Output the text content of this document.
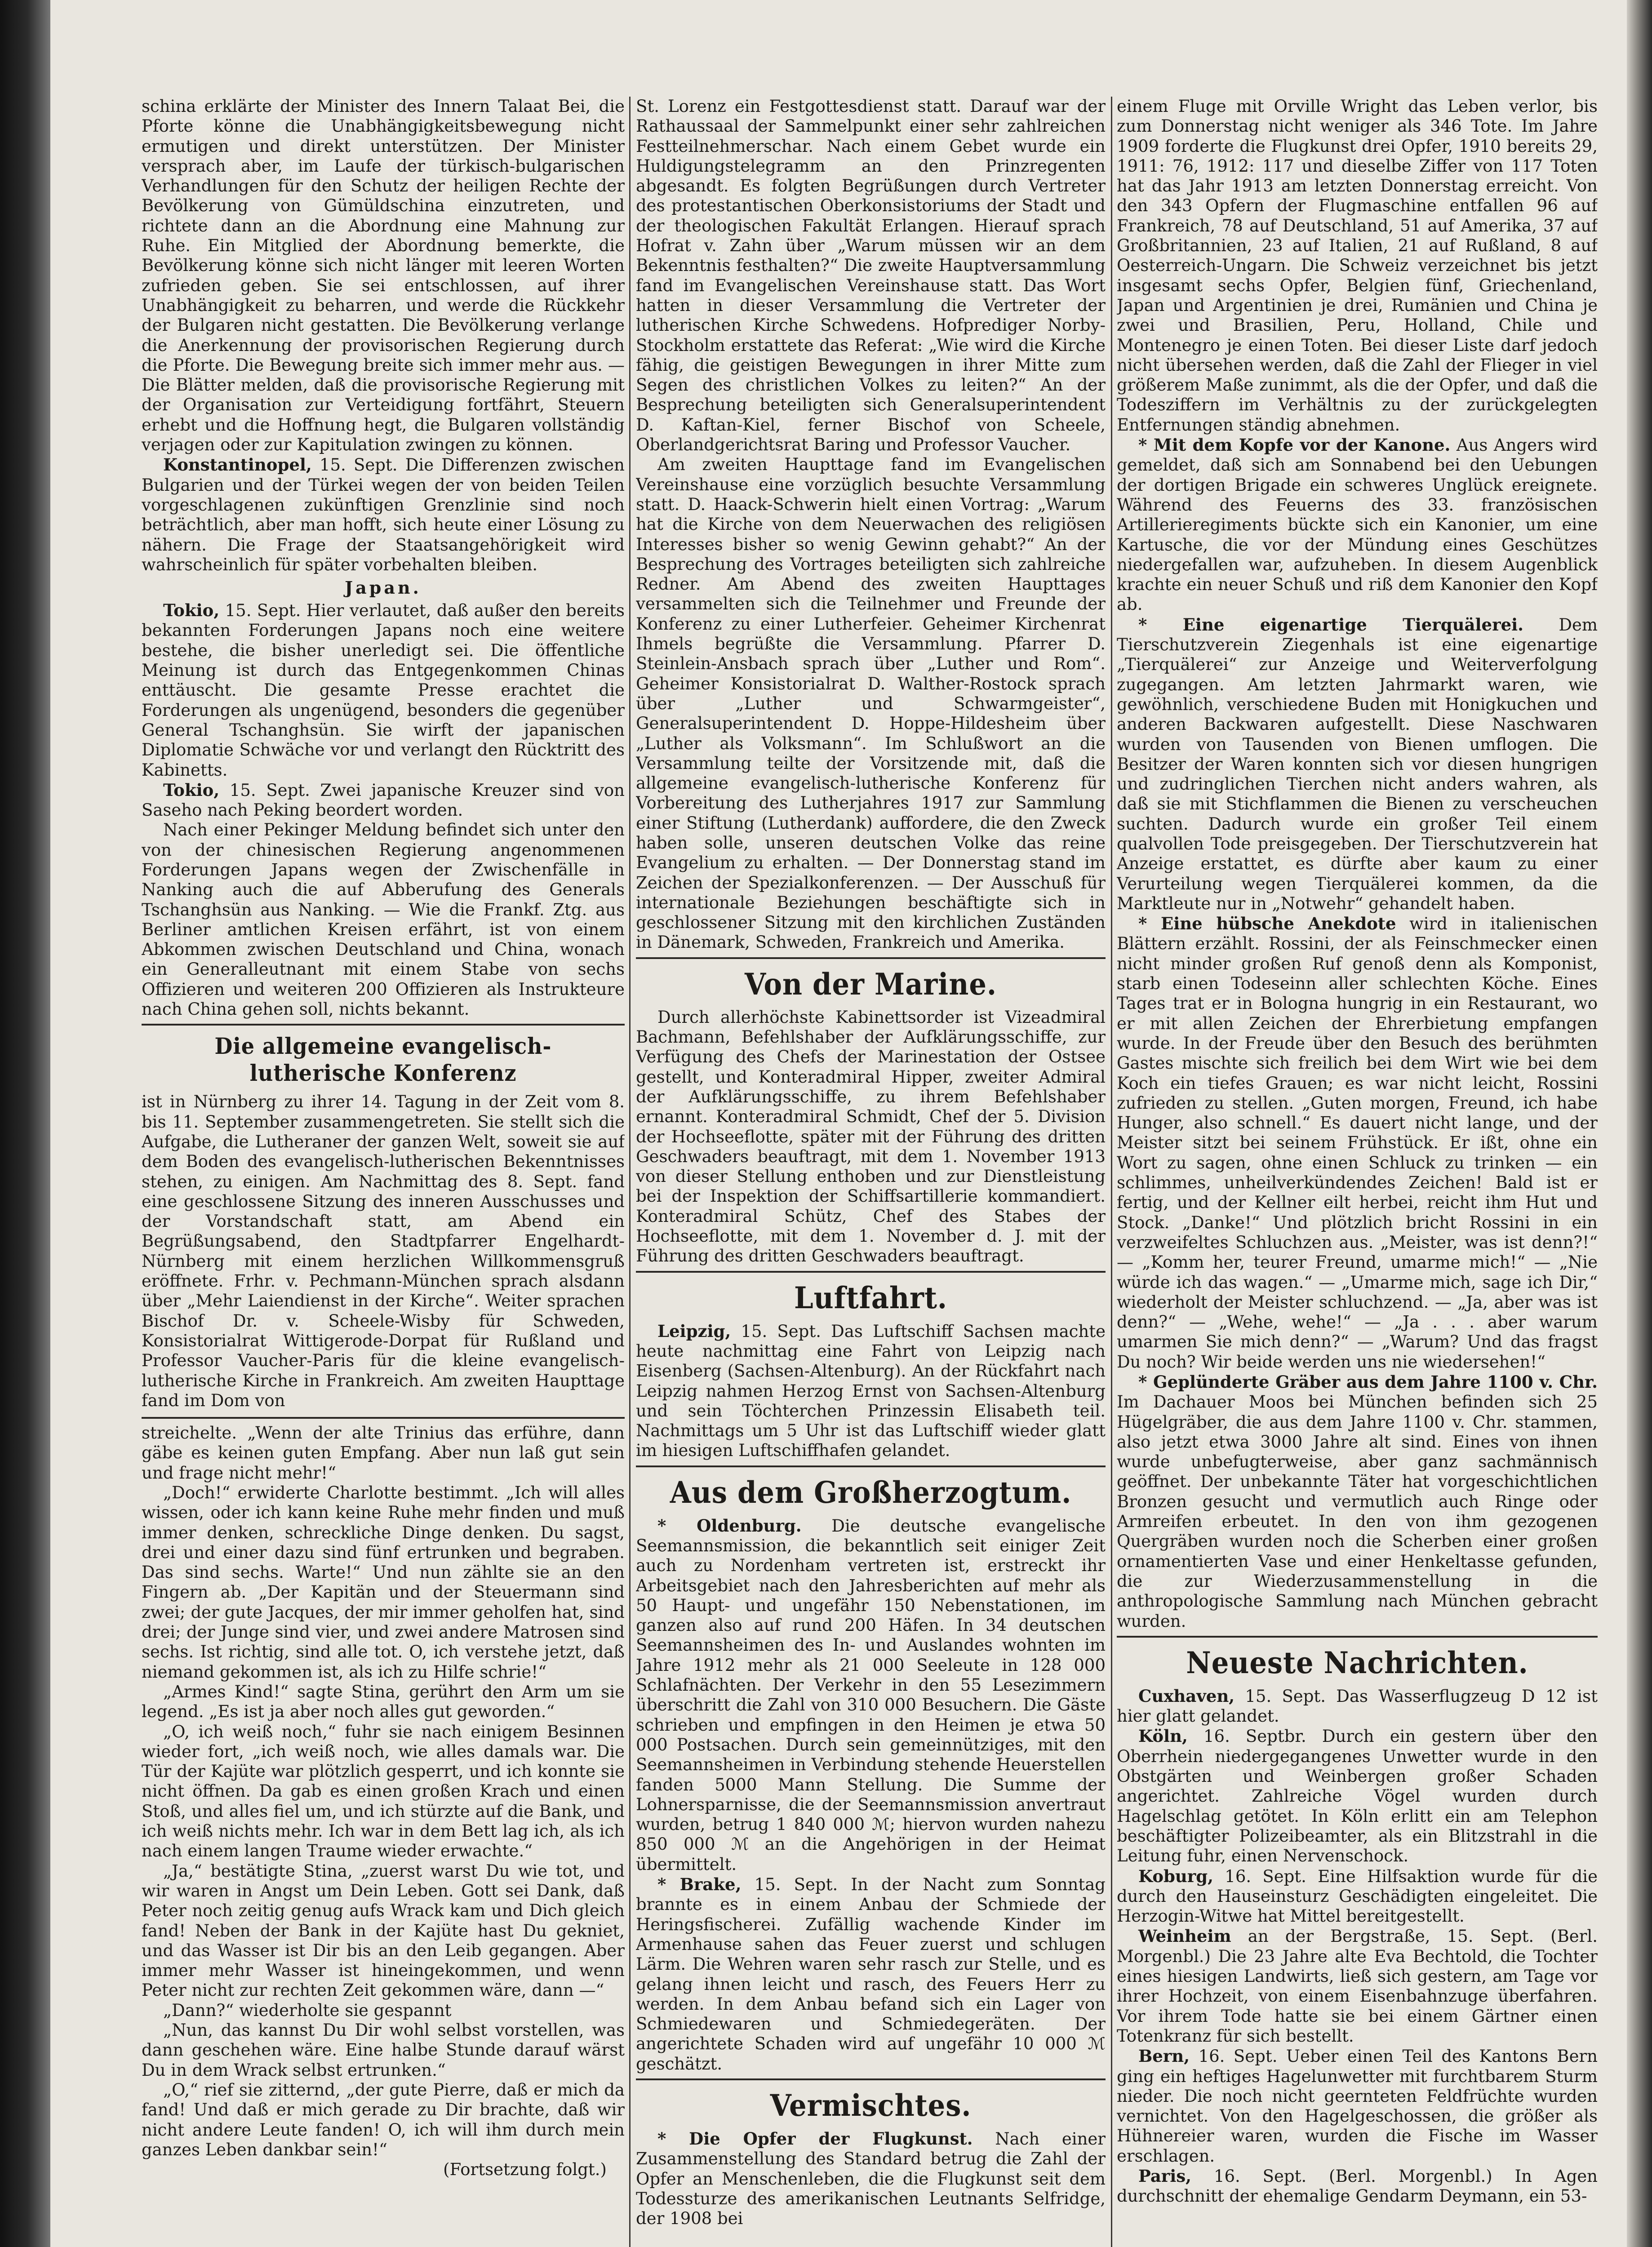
schina erklärte der Minister des Innern Talaat Bei, die Pforte könne die Unabhängigkeitsbewegung nicht ermutigen und direkt unterstützen. Der Minister versprach aber, im Laufe der türkisch-bulgarischen Verhandlungen für den Schutz der heiligen Rechte der Bevölkerung von Gümüldschina einzutreten, und richtete dann an die Abordnung eine Mahnung zur Ruhe. Ein Mitglied der Abordnung bemerkte, die Bevölkerung könne sich nicht länger mit leeren Worten zufrieden geben. Sie sei entschlossen, auf ihrer Unabhängigkeit zu beharren, und werde die Rückkehr der Bulgaren nicht gestatten. Die Bevölkerung verlange die Anerkennung der provisorischen Regierung durch die Pforte. Die Bewegung breite sich immer mehr aus. — Die Blätter melden, daß die provisorische Regierung mit der Organisation zur Verteidigung fortfährt, Steuern erhebt und die Hoffnung hegt, die Bulgaren vollständig verjagen oder zur Kapitulation zwingen zu können.

Konstantinopel, 15. Sept. Die Differenzen zwischen Bulgarien und der Türkei wegen der von beiden Teilen vorgeschlagenen zukünftigen Grenzlinie sind noch beträchtlich, aber man hofft, sich heute einer Lösung zu nähern. Die Frage der Staatsangehörigkeit wird wahrscheinlich für später vorbehalten bleiben.

Japan.

Tokio, 15. Sept. Hier verlautet, daß außer den bereits bekannten Forderungen Japans noch eine weitere bestehe, die bisher unerledigt sei. Die öffentliche Meinung ist durch das Entgegenkommen Chinas enttäuscht. Die gesamte Presse erachtet die Forderungen als ungenügend, besonders die gegenüber General Tschanghsün. Sie wirft der japanischen Diplomatie Schwäche vor und verlangt den Rücktritt des Kabinetts.

Tokio, 15. Sept. Zwei japanische Kreuzer sind von Saseho nach Peking beordert worden.

Nach einer Pekinger Meldung befindet sich unter den von der chinesischen Regierung angenommenen Forderungen Japans wegen der Zwischenfälle in Nanking auch die auf Abberufung des Generals Tschanghsün aus Nanking. — Wie die Frankf. Ztg. aus Berliner amtlichen Kreisen erfährt, ist von einem Abkommen zwischen Deutschland und China, wonach ein Generalleutnant mit einem Stabe von sechs Offizieren und weiteren 200 Offizieren als Instrukteure nach China gehen soll, nichts bekannt.

Die allgemeine evangelisch-lutherische Konferenz

ist in Nürnberg zu ihrer 14. Tagung in der Zeit vom 8. bis 11. September zusammengetreten. Sie stellt sich die Aufgabe, die Lutheraner der ganzen Welt, soweit sie auf dem Boden des evangelisch-lutherischen Bekenntnisses stehen, zu einigen. Am Nachmittag des 8. Sept. fand eine geschlossene Sitzung des inneren Ausschusses und der Vorstandschaft statt, am Abend ein Begrüßungsabend, den Stadtpfarrer Engelhardt-Nürnberg mit einem herzlichen Willkommensgruß eröffnete. Frhr. v. Pechmann-München sprach alsdann über „Mehr Laiendienst in der Kirche“. Weiter sprachen Bischof Dr. v. Scheele-Wisby für Schweden, Konsistorialrat Wittigerode-Dorpat für Rußland und Professor Vaucher-Paris für die kleine evangelisch-lutherische Kirche in Frankreich. Am zweiten Haupttage fand im Dom von

streichelte. „Wenn der alte Trinius das erführe, dann gäbe es keinen guten Empfang. Aber nun laß gut sein und frage nicht mehr!“

„Doch!“ erwiderte Charlotte bestimmt. „Ich will alles wissen, oder ich kann keine Ruhe mehr finden und muß immer denken, schreckliche Dinge denken. Du sagst, drei und einer dazu sind fünf ertrunken und begraben. Das sind sechs. Warte!“ Und nun zählte sie an den Fingern ab. „Der Kapitän und der Steuermann sind zwei; der gute Jacques, der mir immer geholfen hat, sind drei; der Junge sind vier, und zwei andere Matrosen sind sechs. Ist richtig, sind alle tot. O, ich verstehe jetzt, daß niemand gekommen ist, als ich zu Hilfe schrie!“

„Armes Kind!“ sagte Stina, gerührt den Arm um sie legend. „Es ist ja aber noch alles gut geworden.“

„O, ich weiß noch,“ fuhr sie nach einigem Besinnen wieder fort, „ich weiß noch, wie alles damals war. Die Tür der Kajüte war plötzlich gesperrt, und ich konnte sie nicht öffnen. Da gab es einen großen Krach und einen Stoß, und alles fiel um, und ich stürzte auf die Bank, und ich weiß nichts mehr. Ich war in dem Bett lag ich, als ich nach einem langen Traume wieder erwachte.“

„Ja,“ bestätigte Stina, „zuerst warst Du wie tot, und wir waren in Angst um Dein Leben. Gott sei Dank, daß Peter noch zeitig genug aufs Wrack kam und Dich gleich fand! Neben der Bank in der Kajüte hast Du gekniet, und das Wasser ist Dir bis an den Leib gegangen. Aber immer mehr Wasser ist hineingekommen, und wenn Peter nicht zur rechten Zeit gekommen wäre, dann —“

„Dann?“ wiederholte sie gespannt

„Nun, das kannst Du Dir wohl selbst vorstellen, was dann geschehen wäre. Eine halbe Stunde darauf wärst Du in dem Wrack selbst ertrunken.“

„O,“ rief sie zitternd, „der gute Pierre, daß er mich da fand! Und daß er mich gerade zu Dir brachte, daß wir nicht andere Leute fanden! O, ich will ihm durch mein ganzes Leben dankbar sein!“

(Fortsetzung folgt.)

St. Lorenz ein Festgottesdienst statt. Darauf war der Rathaussaal der Sammelpunkt einer sehr zahlreichen Festteilnehmerschar. Nach einem Gebet wurde ein Huldigungstelegramm an den Prinzregenten abgesandt. Es folgten Begrüßungen durch Vertreter des protestantischen Oberkonsistoriums der Stadt und der theologischen Fakultät Erlangen. Hierauf sprach Hofrat v. Zahn über „Warum müssen wir an dem Bekenntnis festhalten?“ Die zweite Hauptversammlung fand im Evangelischen Vereinshause statt. Das Wort hatten in dieser Versammlung die Vertreter der lutherischen Kirche Schwedens. Hofprediger Norby-Stockholm erstattete das Referat: „Wie wird die Kirche fähig, die geistigen Bewegungen in ihrer Mitte zum Segen des christlichen Volkes zu leiten?“ An der Besprechung beteiligten sich Generalsuperintendent D. Kaftan-Kiel, ferner Bischof von Scheele, Oberlandgerichtsrat Baring und Professor Vaucher.

Am zweiten Haupttage fand im Evangelischen Vereinshause eine vorzüglich besuchte Versammlung statt. D. Haack-Schwerin hielt einen Vortrag: „Warum hat die Kirche von dem Neuerwachen des religiösen Interesses bisher so wenig Gewinn gehabt?“ An der Besprechung des Vortrages beteiligten sich zahlreiche Redner. Am Abend des zweiten Haupttages versammelten sich die Teilnehmer und Freunde der Konferenz zu einer Lutherfeier. Geheimer Kirchenrat Ihmels begrüßte die Versammlung. Pfarrer D. Steinlein-Ansbach sprach über „Luther und Rom“. Geheimer Konsistorialrat D. Walther-Rostock sprach über „Luther und Schwarmgeister“, Generalsuperintendent D. Hoppe-Hildesheim über „Luther als Volksmann“. Im Schlußwort an die Versammlung teilte der Vorsitzende mit, daß die allgemeine evangelisch-lutherische Konferenz für Vorbereitung des Lutherjahres 1917 zur Sammlung einer Stiftung (Lutherdank) auffordere, die den Zweck haben solle, unseren deutschen Volke das reine Evangelium zu erhalten. — Der Donnerstag stand im Zeichen der Spezialkonferenzen. — Der Ausschuß für internationale Beziehungen beschäftigte sich in geschlossener Sitzung mit den kirchlichen Zuständen in Dänemark, Schweden, Frankreich und Amerika.

Von der Marine.

Durch allerhöchste Kabinettsorder ist Vizeadmiral Bachmann, Befehlshaber der Aufklärungsschiffe, zur Verfügung des Chefs der Marinestation der Ostsee gestellt, und Konteradmiral Hipper, zweiter Admiral der Aufklärungsschiffe, zu ihrem Befehlshaber ernannt. Konteradmiral Schmidt, Chef der 5. Division der Hochseeflotte, später mit der Führung des dritten Geschwaders beauftragt, mit dem 1. November 1913 von dieser Stellung enthoben und zur Dienstleistung bei der Inspektion der Schiffsartillerie kommandiert. Konteradmiral Schütz, Chef des Stabes der Hochseeflotte, mit dem 1. November d. J. mit der Führung des dritten Geschwaders beauftragt.

Luftfahrt.

Leipzig, 15. Sept. Das Luftschiff Sachsen machte heute nachmittag eine Fahrt von Leipzig nach Eisenberg (Sachsen-Altenburg). An der Rückfahrt nach Leipzig nahmen Herzog Ernst von Sachsen-Altenburg und sein Töchterchen Prinzessin Elisabeth teil. Nachmittags um 5 Uhr ist das Luftschiff wieder glatt im hiesigen Luftschiffhafen gelandet.

Aus dem Großherzogtum.

* Oldenburg. Die deutsche evangelische Seemannsmission, die bekanntlich seit einiger Zeit auch zu Nordenham vertreten ist, erstreckt ihr Arbeitsgebiet nach den Jahresberichten auf mehr als 50 Haupt- und ungefähr 150 Nebenstationen, im ganzen also auf rund 200 Häfen. In 34 deutschen Seemannsheimen des In- und Auslandes wohnten im Jahre 1912 mehr als 21 000 Seeleute in 128 000 Schlafnächten. Der Verkehr in den 55 Lesezimmern überschritt die Zahl von 310 000 Besuchern. Die Gäste schrieben und empfingen in den Heimen je etwa 50 000 Postsachen. Durch sein gemeinnütziges, mit den Seemannsheimen in Verbindung stehende Heuerstellen fanden 5000 Mann Stellung. Die Summe der Lohnersparnisse, die der Seemannsmission anvertraut wurden, betrug 1 840 000 ℳ; hiervon wurden nahezu 850 000 ℳ an die Angehörigen in der Heimat übermittelt.

* Brake, 15. Sept. In der Nacht zum Sonntag brannte es in einem Anbau der Schmiede der Heringsfischerei. Zufällig wachende Kinder im Armenhause sahen das Feuer zuerst und schlugen Lärm. Die Wehren waren sehr rasch zur Stelle, und es gelang ihnen leicht und rasch, des Feuers Herr zu werden. In dem Anbau befand sich ein Lager von Schmiedewaren und Schmiedegeräten. Der angerichtete Schaden wird auf ungefähr 10 000 ℳ geschätzt.

Vermischtes.

* Die Opfer der Flugkunst. Nach einer Zusammenstellung des Standard betrug die Zahl der Opfer an Menschenleben, die die Flugkunst seit dem Todessturze des amerikanischen Leutnants Selfridge, der 1908 bei

einem Fluge mit Orville Wright das Leben verlor, bis zum Donnerstag nicht weniger als 346 Tote. Im Jahre 1909 forderte die Flugkunst drei Opfer, 1910 bereits 29, 1911: 76, 1912: 117 und dieselbe Ziffer von 117 Toten hat das Jahr 1913 am letzten Donnerstag erreicht. Von den 343 Opfern der Flugmaschine entfallen 96 auf Frankreich, 78 auf Deutschland, 51 auf Amerika, 37 auf Großbritannien, 23 auf Italien, 21 auf Rußland, 8 auf Oesterreich-Ungarn. Die Schweiz verzeichnet bis jetzt insgesamt sechs Opfer, Belgien fünf, Griechenland, Japan und Argentinien je drei, Rumänien und China je zwei und Brasilien, Peru, Holland, Chile und Montenegro je einen Toten. Bei dieser Liste darf jedoch nicht übersehen werden, daß die Zahl der Flieger in viel größerem Maße zunimmt, als die der Opfer, und daß die Todesziffern im Verhältnis zu der zurückgelegten Entfernungen ständig abnehmen.

* Mit dem Kopfe vor der Kanone. Aus Angers wird gemeldet, daß sich am Sonnabend bei den Uebungen der dortigen Brigade ein schweres Unglück ereignete. Während des Feuerns des 33. französischen Artillerieregiments bückte sich ein Kanonier, um eine Kartusche, die vor der Mündung eines Geschützes niedergefallen war, aufzuheben. In diesem Augenblick krachte ein neuer Schuß und riß dem Kanonier den Kopf ab.

* Eine eigenartige Tierquälerei. Dem Tierschutzverein Ziegenhals ist eine eigenartige „Tierquälerei“ zur Anzeige und Weiterverfolgung zugegangen. Am letzten Jahrmarkt waren, wie gewöhnlich, verschiedene Buden mit Honigkuchen und anderen Backwaren aufgestellt. Diese Naschwaren wurden von Tausenden von Bienen umflogen. Die Besitzer der Waren konnten sich vor diesen hungrigen und zudringlichen Tierchen nicht anders wahren, als daß sie mit Stichflammen die Bienen zu verscheuchen suchten. Dadurch wurde ein großer Teil einem qualvollen Tode preisgegeben. Der Tierschutzverein hat Anzeige erstattet, es dürfte aber kaum zu einer Verurteilung wegen Tierquälerei kommen, da die Marktleute nur in „Notwehr“ gehandelt haben.

* Eine hübsche Anekdote wird in italienischen Blättern erzählt. Rossini, der als Feinschmecker einen nicht minder großen Ruf genoß denn als Komponist, starb einen Todeseinn aller schlechten Köche. Eines Tages trat er in Bologna hungrig in ein Restaurant, wo er mit allen Zeichen der Ehrerbietung empfangen wurde. In der Freude über den Besuch des berühmten Gastes mischte sich freilich bei dem Wirt wie bei dem Koch ein tiefes Grauen; es war nicht leicht, Rossini zufrieden zu stellen. „Guten morgen, Freund, ich habe Hunger, also schnell.“ Es dauert nicht lange, und der Meister sitzt bei seinem Frühstück. Er ißt, ohne ein Wort zu sagen, ohne einen Schluck zu trinken — ein schlimmes, unheilverkündendes Zeichen! Bald ist er fertig, und der Kellner eilt herbei, reicht ihm Hut und Stock. „Danke!“ Und plötzlich bricht Rossini in ein verzweifeltes Schluchzen aus. „Meister, was ist denn?!“ — „Komm her, teurer Freund, umarme mich!“ — „Nie würde ich das wagen.“ — „Umarme mich, sage ich Dir,“ wiederholt der Meister schluchzend. — „Ja, aber was ist denn?“ — „Wehe, wehe!“ — „Ja . . . aber warum umarmen Sie mich denn?“ — „Warum? Und das fragst Du noch? Wir beide werden uns nie wiedersehen!“

* Geplünderte Gräber aus dem Jahre 1100 v. Chr. Im Dachauer Moos bei München befinden sich 25 Hügelgräber, die aus dem Jahre 1100 v. Chr. stammen, also jetzt etwa 3000 Jahre alt sind. Eines von ihnen wurde unbefugterweise, aber ganz sachmännisch geöffnet. Der unbekannte Täter hat vorgeschichtlichen Bronzen gesucht und vermutlich auch Ringe oder Armreifen erbeutet. In den von ihm gezogenen Quergräben wurden noch die Scherben einer großen ornamentierten Vase und einer Henkeltasse gefunden, die zur Wiederzusammenstellung in die anthropologische Sammlung nach München gebracht wurden.

Neueste Nachrichten.

Cuxhaven, 15. Sept. Das Wasserflugzeug D 12 ist hier glatt gelandet.

Köln, 16. Septbr. Durch ein gestern über den Oberrhein niedergegangenes Unwetter wurde in den Obstgärten und Weinbergen großer Schaden angerichtet. Zahlreiche Vögel wurden durch Hagelschlag getötet. In Köln erlitt ein am Telephon beschäftigter Polizeibeamter, als ein Blitzstrahl in die Leitung fuhr, einen Nervenschock.

Koburg, 16. Sept. Eine Hilfsaktion wurde für die durch den Hauseinsturz Geschädigten eingeleitet. Die Herzogin-Witwe hat Mittel bereitgestellt.

Weinheim an der Bergstraße, 15. Sept. (Berl. Morgenbl.) Die 23 Jahre alte Eva Bechtold, die Tochter eines hiesigen Landwirts, ließ sich gestern, am Tage vor ihrer Hochzeit, von einem Eisenbahnzuge überfahren. Vor ihrem Tode hatte sie bei einem Gärtner einen Totenkranz für sich bestellt.

Bern, 16. Sept. Ueber einen Teil des Kantons Bern ging ein heftiges Hagelunwetter mit furchtbarem Sturm nieder. Die noch nicht geernteten Feldfrüchte wurden vernichtet. Von den Hagelgeschossen, die größer als Hühnereier waren, wurden die Fische im Wasser erschlagen.

Paris, 16. Sept. (Berl. Morgenbl.) In Agen durchschnitt der ehemalige Gendarm Deymann, ein 53-
